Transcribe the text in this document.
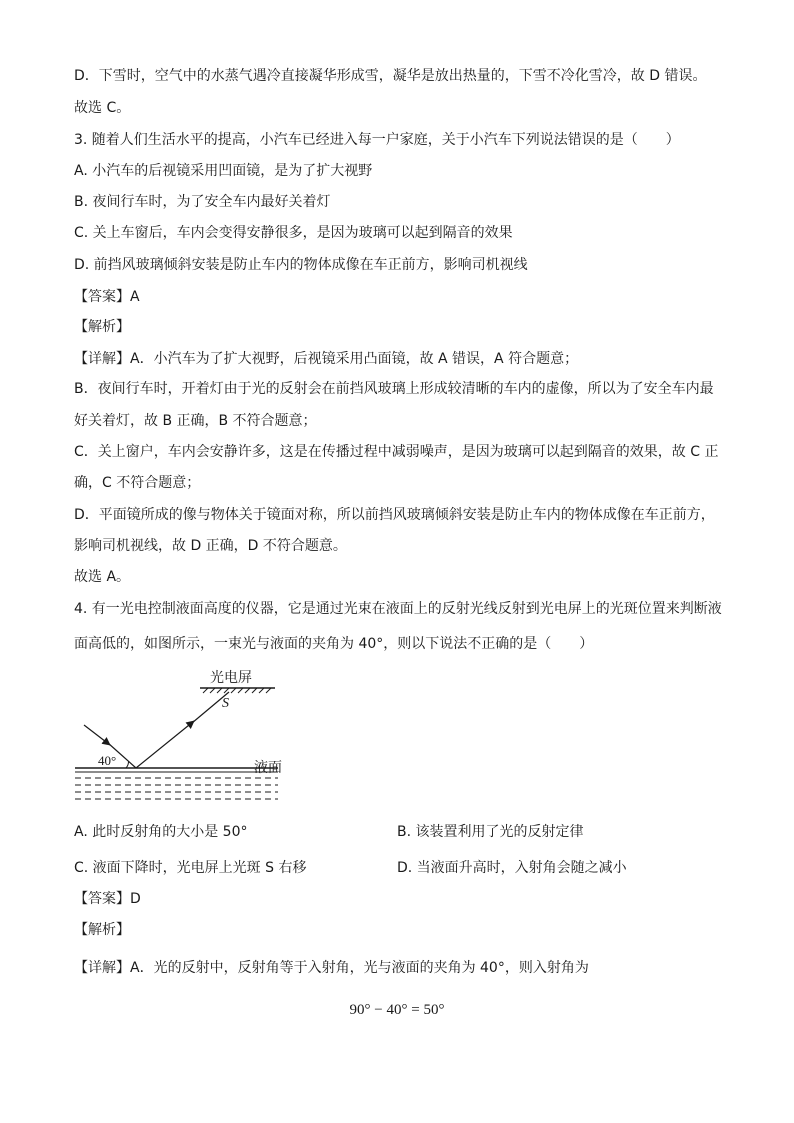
D．下雪时，空气中的水蒸气遇冷直接凝华形成雪，凝华是放出热量的，下雪不冷化雪冷，故 D 错误。
故选 C。
3. 随着人们生活水平的提高，小汽车已经进入每一户家庭，关于小汽车下列说法错误的是（　　）
A. 小汽车的后视镜采用凹面镜，是为了扩大视野
B. 夜间行车时，为了安全车内最好关着灯
C. 关上车窗后，车内会变得安静很多，是因为玻璃可以起到隔音的效果
D. 前挡风玻璃倾斜安装是防止车内的物体成像在车正前方，影响司机视线
【答案】A
【解析】
【详解】A．小汽车为了扩大视野，后视镜采用凸面镜，故 A 错误，A 符合题意；
B．夜间行车时，开着灯由于光的反射会在前挡风玻璃上形成较清晰的车内的虚像，所以为了安全车内最
好关着灯，故 B 正确，B 不符合题意；
C．关上窗户，车内会安静许多，这是在传播过程中减弱噪声，是因为玻璃可以起到隔音的效果，故 C 正
确，C 不符合题意；
D．平面镜所成的像与物体关于镜面对称，所以前挡风玻璃倾斜安装是防止车内的物体成像在车正前方，
影响司机视线，故 D 正确，D 不符合题意。
故选 A。
4. 有一光电控制液面高度的仪器，它是通过光束在液面上的反射光线反射到光电屏上的光斑位置来判断液
面高低的，如图所示，一束光与液面的夹角为 40°，则以下说法不正确的是（　　）
光电屏
S
40°	液面
A. 此时反射角的大小是 50°	B. 该装置利用了光的反射定律
C. 液面下降时，光电屏上光斑 S 右移	D. 当液面升高时，入射角会随之减小
【答案】D
【解析】
【详解】A．光的反射中，反射角等于入射角，光与液面的夹角为 40°，则入射角为
90° − 40° = 50°
